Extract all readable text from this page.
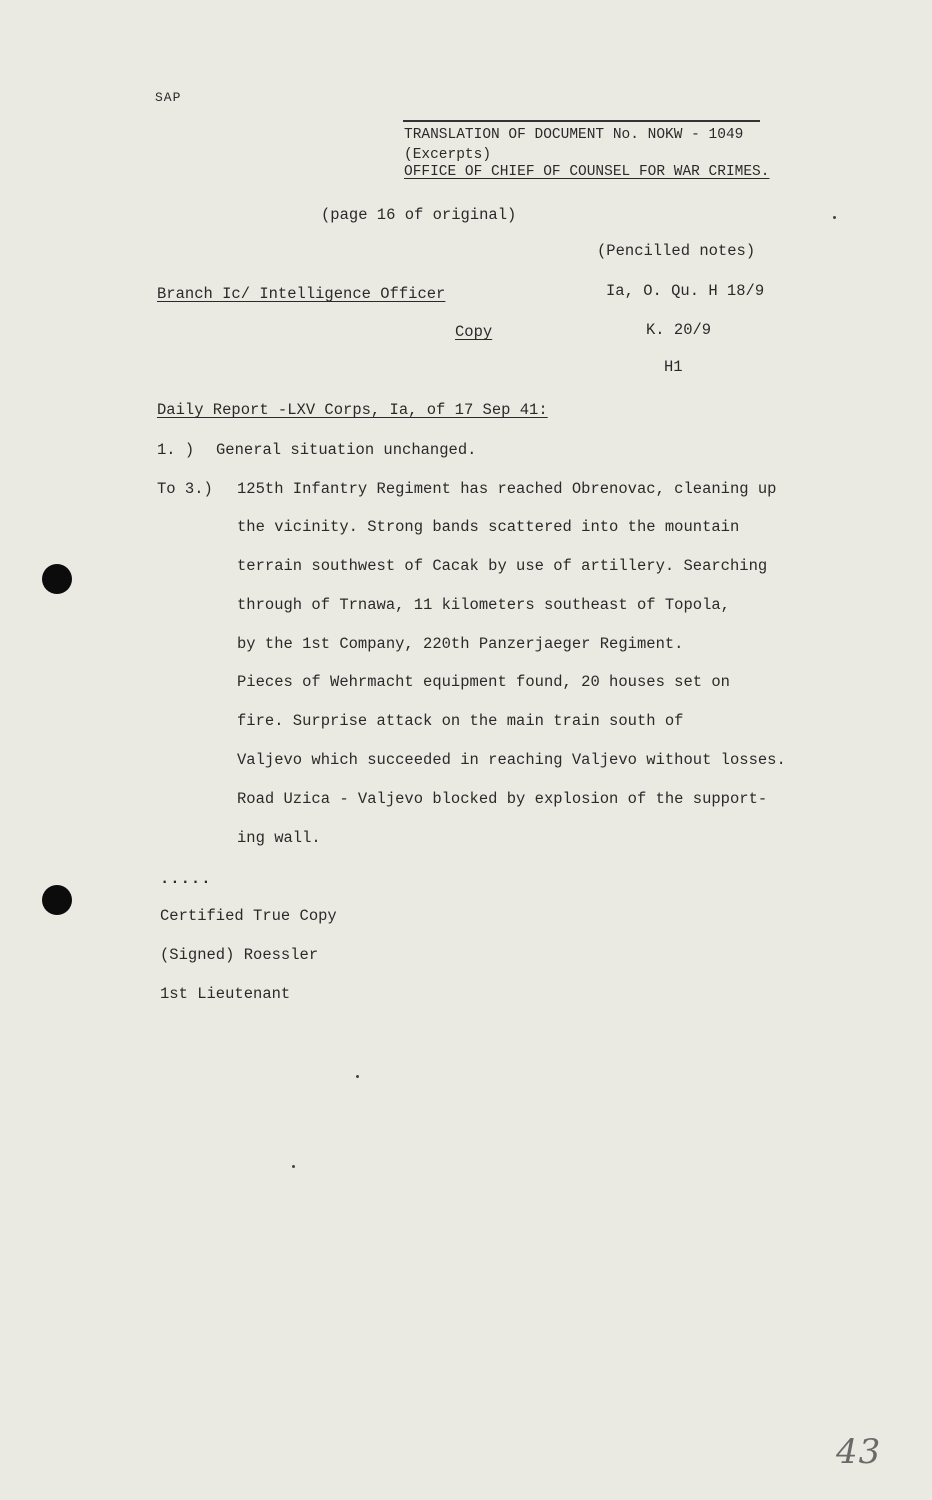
SAP
TRANSLATION OF DOCUMENT No. NOKW - 1049
(Excerpts)
OFFICE OF CHIEF OF COUNSEL FOR WAR CRIMES.
(page 16 of original)
(Pencilled notes)
Ia, O. Qu. H 18/9
K. 20/9
H1
Branch Ic/ Intelligence Officer
Copy
Daily Report -LXV Corps, Ia, of 17 Sep 41:
1. ) General situation unchanged.
To 3.) 125th Infantry Regiment has reached Obrenovac, cleaning up
the vicinity. Strong bands scattered into the mountain
terrain southwest of Cacak by use of artillery. Searching
through of Trnawa, 11 kilometers southeast of Topola,
by the 1st Company, 220th Panzerjaeger Regiment.
Pieces of Wehrmacht equipment found, 20 houses set on
fire. Surprise attack on the main train south of
Valjevo which succeeded in reaching Valjevo without losses.
Road Uzica - Valjevo blocked by explosion of the support-
ing wall.
.....
Certified True Copy
(Signed) Roessler
1st Lieutenant
43
